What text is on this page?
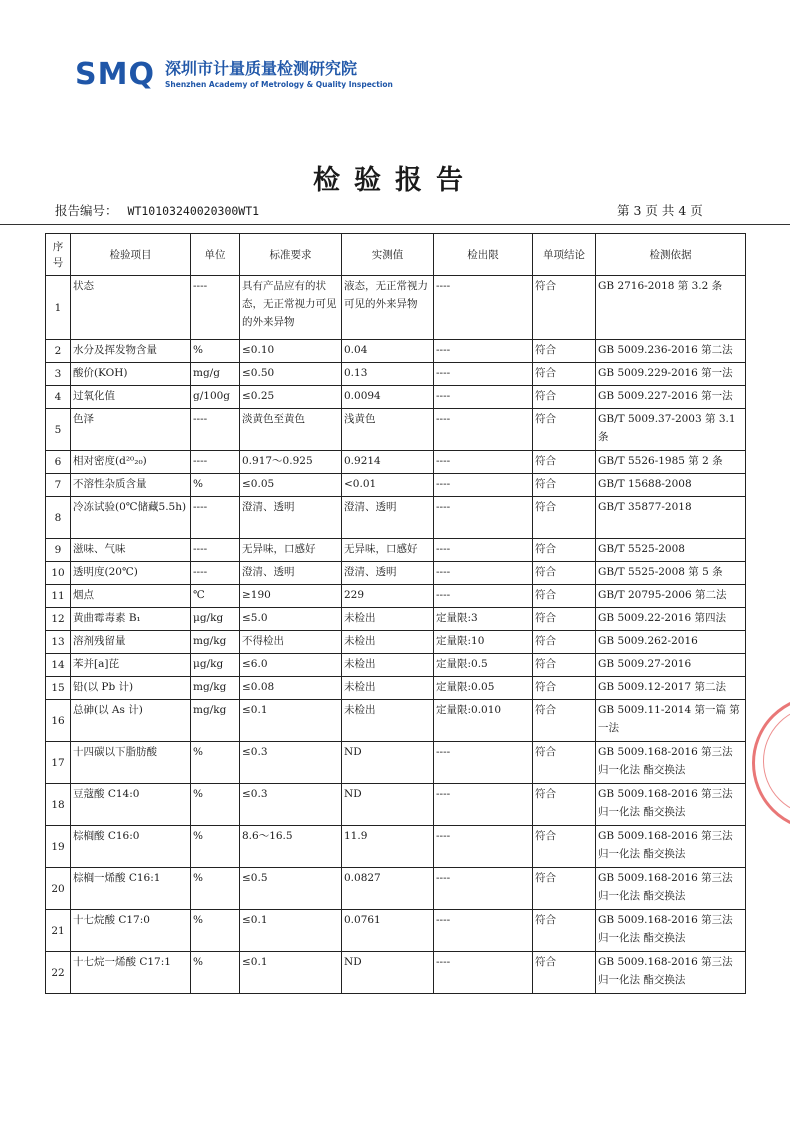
SMQ 深圳市计量质量检测研究院
Shenzhen Academy of Metrology & Quality Inspection
检验报告
报告编号： WT10103240020300WT1	第 3 页 共 4 页
序号	检验项目	单位	标准要求	实测值	检出限	单项结论	检测依据
1	状态	----	具有产品应有的状态，无正常视力可见的外来异物	液态，无正常视力可见的外来异物	----	符合	GB 2716-2018 第 3.2 条
2	水分及挥发物含量	%	≤0.10	0.04	----	符合	GB 5009.236-2016 第二法
3	酸价(KOH)	mg/g	≤0.50	0.13	----	符合	GB 5009.229-2016 第一法
4	过氧化值	g/100g	≤0.25	0.0094	----	符合	GB 5009.227-2016 第一法
5	色泽	----	淡黄色至黄色	浅黄色	----	符合	GB/T 5009.37-2003 第 3.1 条
6	相对密度(d²⁰₂₀)	----	0.917～0.925	0.9214	----	符合	GB/T 5526-1985 第 2 条
7	不溶性杂质含量	%	≤0.05	<0.01	----	符合	GB/T 15688-2008
8	冷冻试验(0℃储藏5.5h)	----	澄清、透明	澄清、透明	----	符合	GB/T 35877-2018
9	滋味、气味	----	无异味，口感好	无异味，口感好	----	符合	GB/T 5525-2008
10	透明度(20℃)	----	澄清、透明	澄清、透明	----	符合	GB/T 5525-2008 第 5 条
11	烟点	℃	≥190	229	----	符合	GB/T 20795-2006 第二法
12	黄曲霉毒素 B₁	μg/kg	≤5.0	未检出	定量限:3	符合	GB 5009.22-2016 第四法
13	溶剂残留量	mg/kg	不得检出	未检出	定量限:10	符合	GB 5009.262-2016
14	苯并[a]芘	μg/kg	≤6.0	未检出	定量限:0.5	符合	GB 5009.27-2016
15	铅(以 Pb 计)	mg/kg	≤0.08	未检出	定量限:0.05	符合	GB 5009.12-2017 第二法
16	总砷(以 As 计)	mg/kg	≤0.1	未检出	定量限:0.010	符合	GB 5009.11-2014 第一篇 第一法
17	十四碳以下脂肪酸	%	≤0.3	ND	----	符合	GB 5009.168-2016 第三法 归一化法 酯交换法
18	豆蔻酸 C14:0	%	≤0.3	ND	----	符合	GB 5009.168-2016 第三法 归一化法 酯交换法
19	棕榈酸 C16:0	%	8.6～16.5	11.9	----	符合	GB 5009.168-2016 第三法 归一化法 酯交换法
20	棕榈一烯酸 C16:1	%	≤0.5	0.0827	----	符合	GB 5009.168-2016 第三法 归一化法 酯交换法
21	十七烷酸 C17:0	%	≤0.1	0.0761	----	符合	GB 5009.168-2016 第三法 归一化法 酯交换法
22	十七烷一烯酸 C17:1	%	≤0.1	ND	----	符合	GB 5009.168-2016 第三法 归一化法 酯交换法
